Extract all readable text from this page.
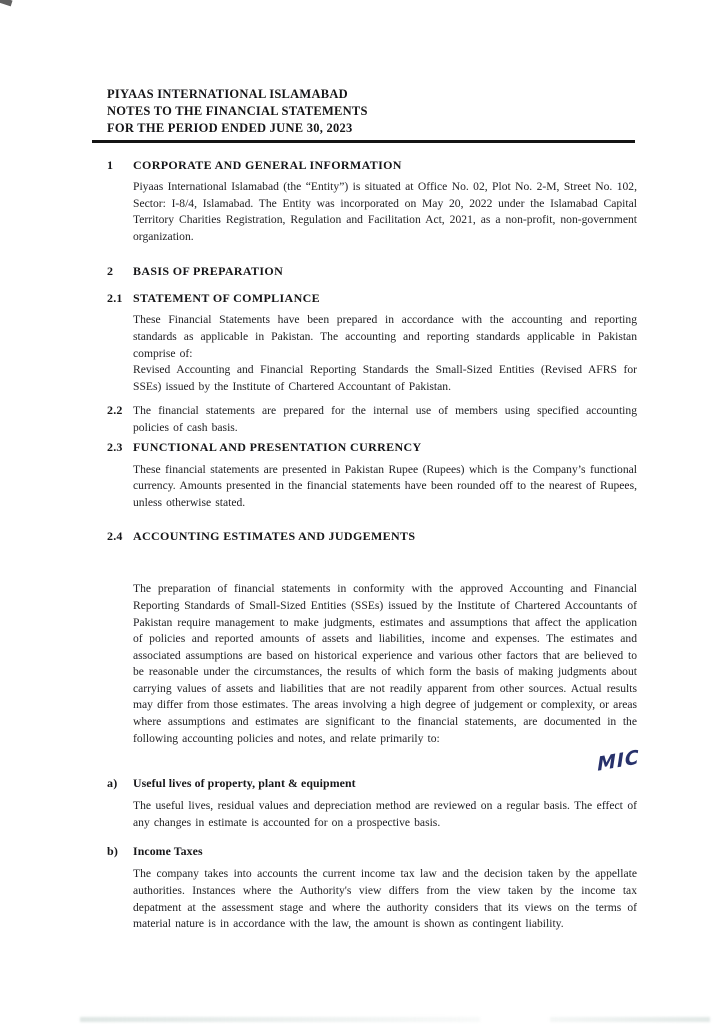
PIYAAS INTERNATIONAL ISLAMABAD
NOTES TO THE FINANCIAL STATEMENTS
FOR THE PERIOD ENDED JUNE 30, 2023
1	CORPORATE AND GENERAL INFORMATION

Piyaas International Islamabad (the “Entity”) is situated at Office No. 02, Plot No. 2-M, Street No. 102, Sector: I-8/4, Islamabad. The Entity was incorporated on May 20, 2022 under the Islamabad Capital Territory Charities Registration, Regulation and Facilitation Act, 2021, as a non-profit, non-government organization.

2	BASIS OF PREPARATION
2.1 STATEMENT OF COMPLIANCE

These Financial Statements have been prepared in accordance with the accounting and reporting standards as applicable in Pakistan. The accounting and reporting standards applicable in Pakistan comprise of:

Revised Accounting and Financial Reporting Standards the Small-Sized Entities (Revised AFRS for SSEs) issued by the Institute of Chartered Accountant of Pakistan.

2.2 The financial statements are prepared for the internal use of members using specified accounting policies of cash basis.
2.3 FUNCTIONAL AND PRESENTATION CURRENCY

These financial statements are presented in Pakistan Rupee (Rupees) which is the Company’s functional currency. Amounts presented in the financial statements have been rounded off to the nearest of Rupees, unless otherwise stated.

2.4 ACCOUNTING ESTIMATES AND JUDGEMENTS

The preparation of financial statements in conformity with the approved Accounting and Financial Reporting Standards of Small-Sized Entities (SSEs) issued by the Institute of Chartered Accountants of Pakistan require management to make judgments, estimates and assumptions that affect the application of policies and reported amounts of assets and liabilities, income and expenses. The estimates and associated assumptions are based on historical experience and various other factors that are believed to be reasonable under the circumstances, the results of which form the basis of making judgments about carrying values of assets and liabilities that are not readily apparent from other sources. Actual results may differ from those estimates. The areas involving a high degree of judgement or complexity, or areas where assumptions and estimates are significant to the financial statements, are documented in the following accounting policies and notes, and relate primarily to:

a)	Useful lives of property, plant & equipment

The useful lives, residual values and depreciation method are reviewed on a regular basis. The effect of any changes in estimate is accounted for on a prospective basis.

b)	Income Taxes

The company takes into accounts the current income tax law and the decision taken by the appellate authorities. Instances where the Authority's view differs from the view taken by the income tax depatment at the assessment stage and where the authority considers that its views on the terms of material nature is in accordance with the law, the amount is shown as contingent liability.

MIC
